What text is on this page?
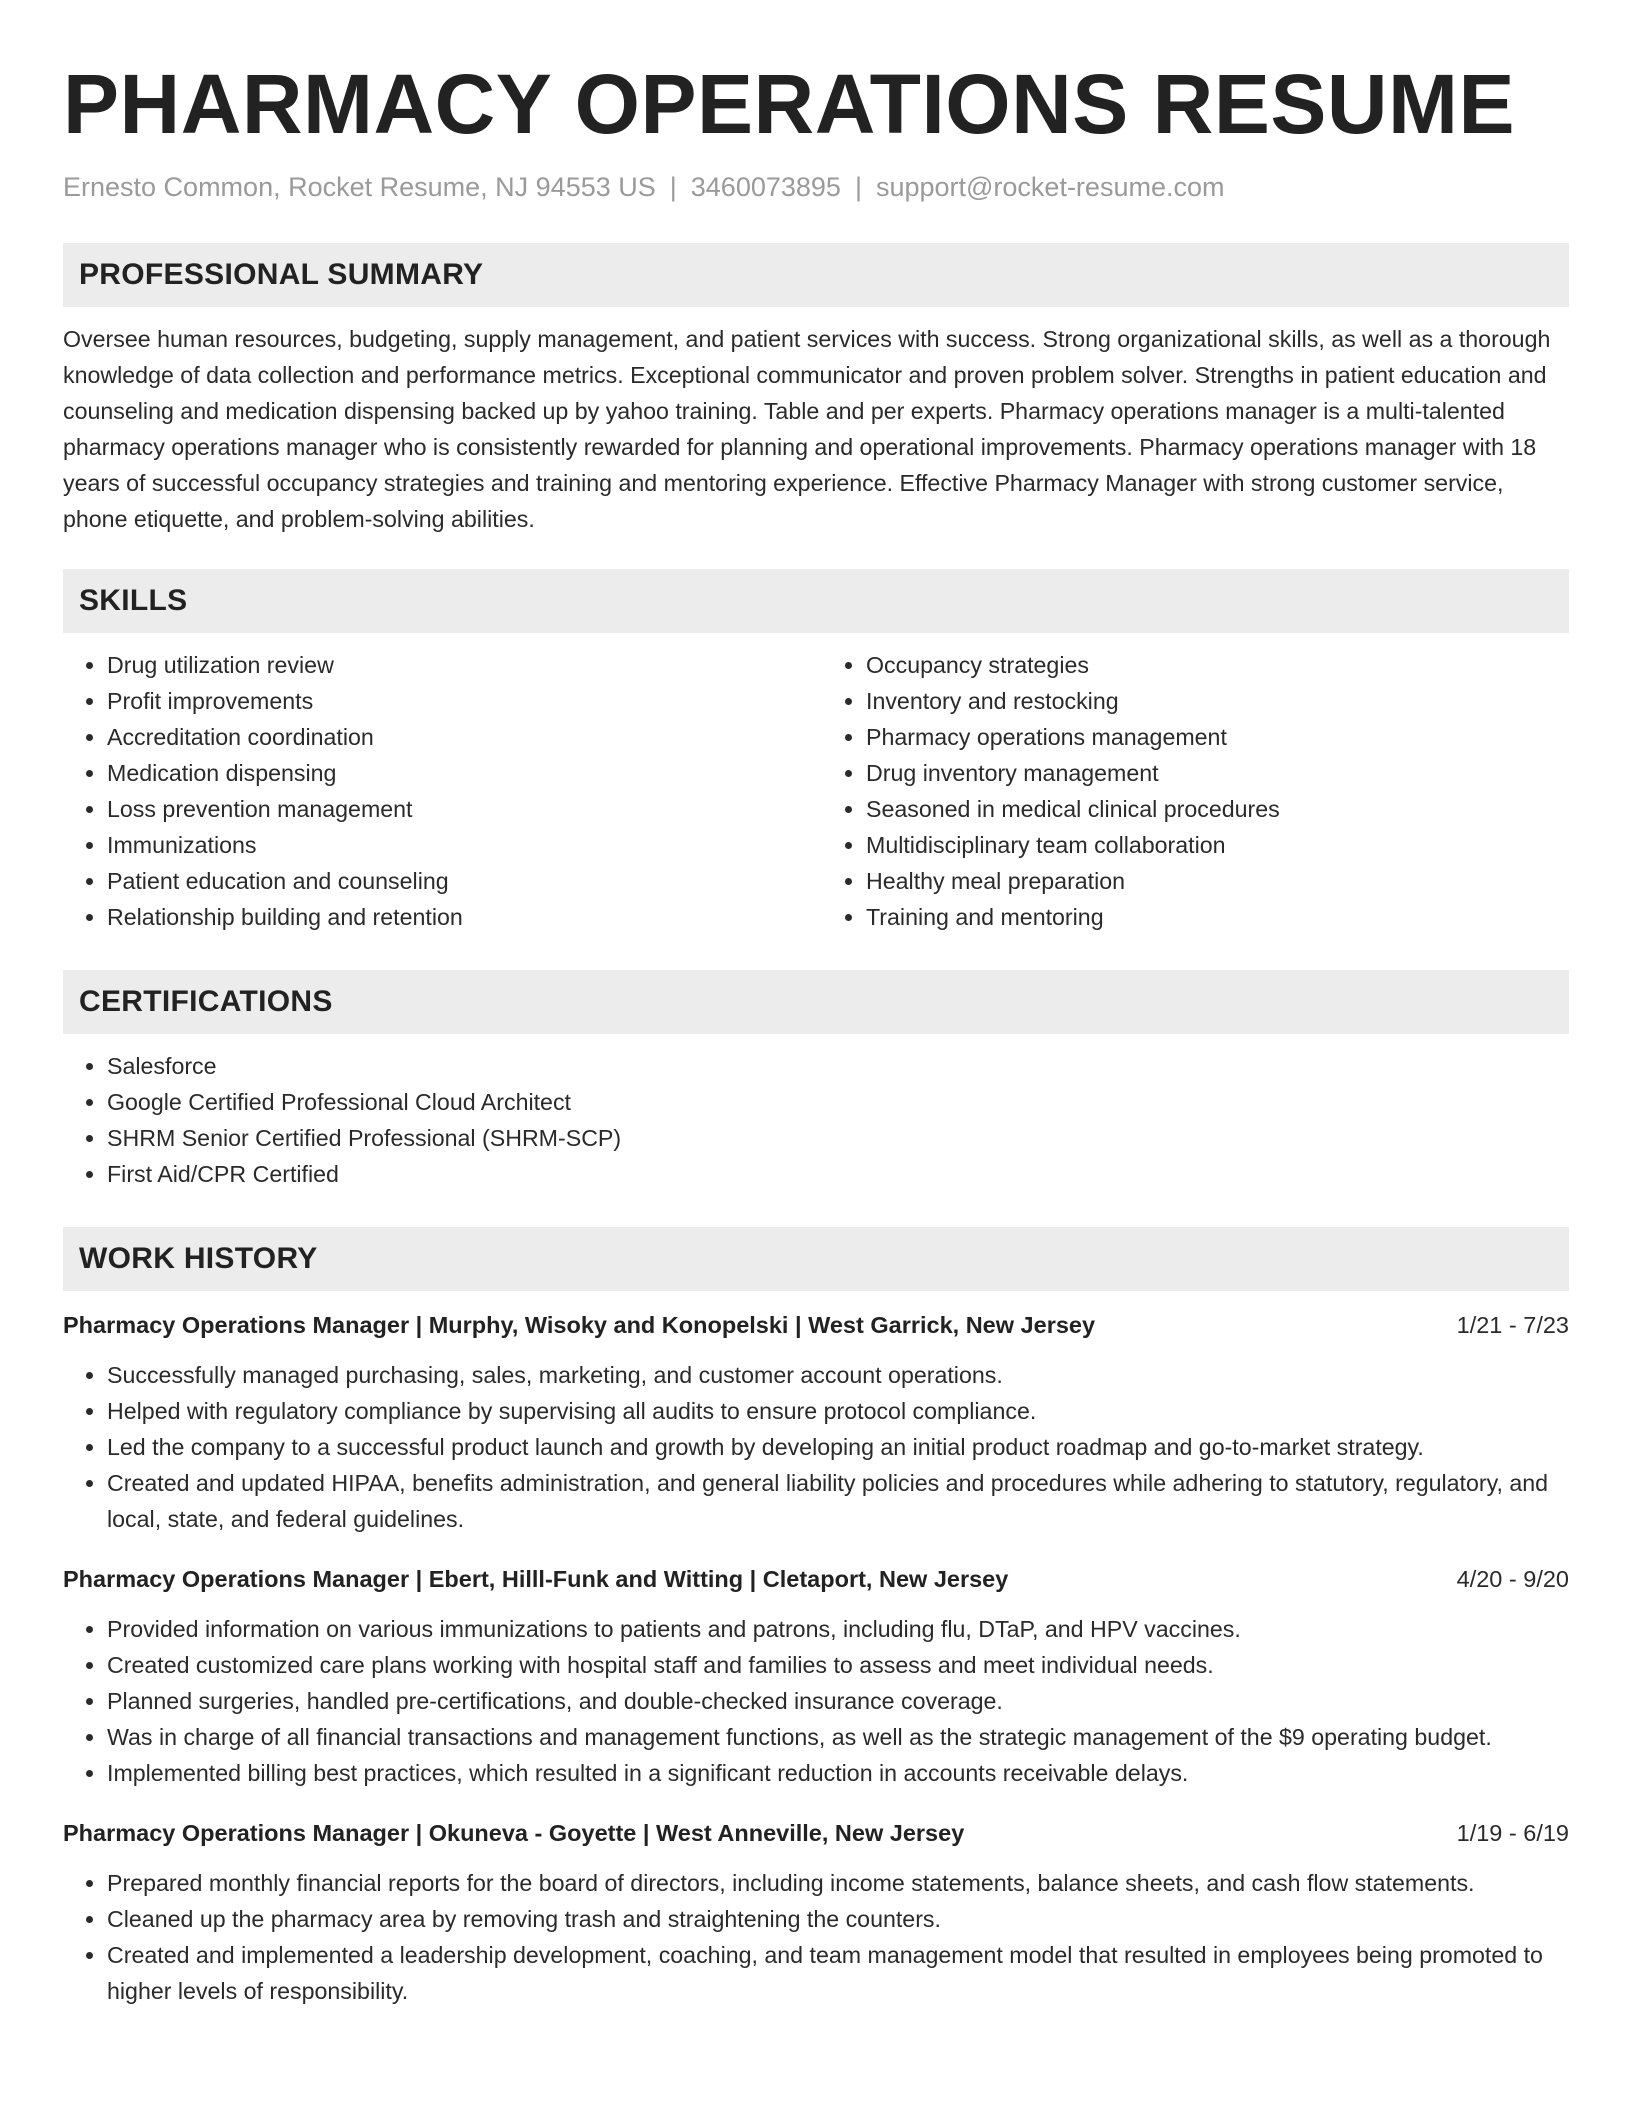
PHARMACY OPERATIONS RESUME
Ernesto Common, Rocket Resume, NJ 94553 US | 3460073895 | support@rocket-resume.com
PROFESSIONAL SUMMARY

Oversee human resources, budgeting, supply management, and patient services with success. Strong organizational skills, as well as a thorough knowledge of data collection and performance metrics. Exceptional communicator and proven problem solver. Strengths in patient education and counseling and medication dispensing backed up by yahoo training. Table and per experts. Pharmacy operations manager is a multi-talented pharmacy operations manager who is consistently rewarded for planning and operational improvements. Pharmacy operations manager with 18 years of successful occupancy strategies and training and mentoring experience. Effective Pharmacy Manager with strong customer service, phone etiquette, and problem-solving abilities.

SKILLS
• Drug utilization review
• Profit improvements
• Accreditation coordination
• Medication dispensing
• Loss prevention management
• Immunizations
• Patient education and counseling
• Relationship building and retention
• Occupancy strategies
• Inventory and restocking
• Pharmacy operations management
• Drug inventory management
• Seasoned in medical clinical procedures
• Multidisciplinary team collaboration
• Healthy meal preparation
• Training and mentoring
CERTIFICATIONS
• Salesforce
• Google Certified Professional Cloud Architect
• SHRM Senior Certified Professional (SHRM-SCP)
• First Aid/CPR Certified
WORK HISTORY
Pharmacy Operations Manager | Murphy, Wisoky and Konopelski | West Garrick, New Jersey	1/21 - 7/23
• Successfully managed purchasing, sales, marketing, and customer account operations.
• Helped with regulatory compliance by supervising all audits to ensure protocol compliance.
• Led the company to a successful product launch and growth by developing an initial product roadmap and go-to-market strategy.
• Created and updated HIPAA, benefits administration, and general liability policies and procedures while adhering to statutory, regulatory, and local, state, and federal guidelines.
Pharmacy Operations Manager | Ebert, Hilll-Funk and Witting | Cletaport, New Jersey	4/20 - 9/20
• Provided information on various immunizations to patients and patrons, including flu, DTaP, and HPV vaccines.
• Created customized care plans working with hospital staff and families to assess and meet individual needs.
• Planned surgeries, handled pre-certifications, and double-checked insurance coverage.
• Was in charge of all financial transactions and management functions, as well as the strategic management of the $9 operating budget.
• Implemented billing best practices, which resulted in a significant reduction in accounts receivable delays.
Pharmacy Operations Manager | Okuneva - Goyette | West Anneville, New Jersey	1/19 - 6/19
• Prepared monthly financial reports for the board of directors, including income statements, balance sheets, and cash flow statements.
• Cleaned up the pharmacy area by removing trash and straightening the counters.
• Created and implemented a leadership development, coaching, and team management model that resulted in employees being promoted to higher levels of responsibility.
